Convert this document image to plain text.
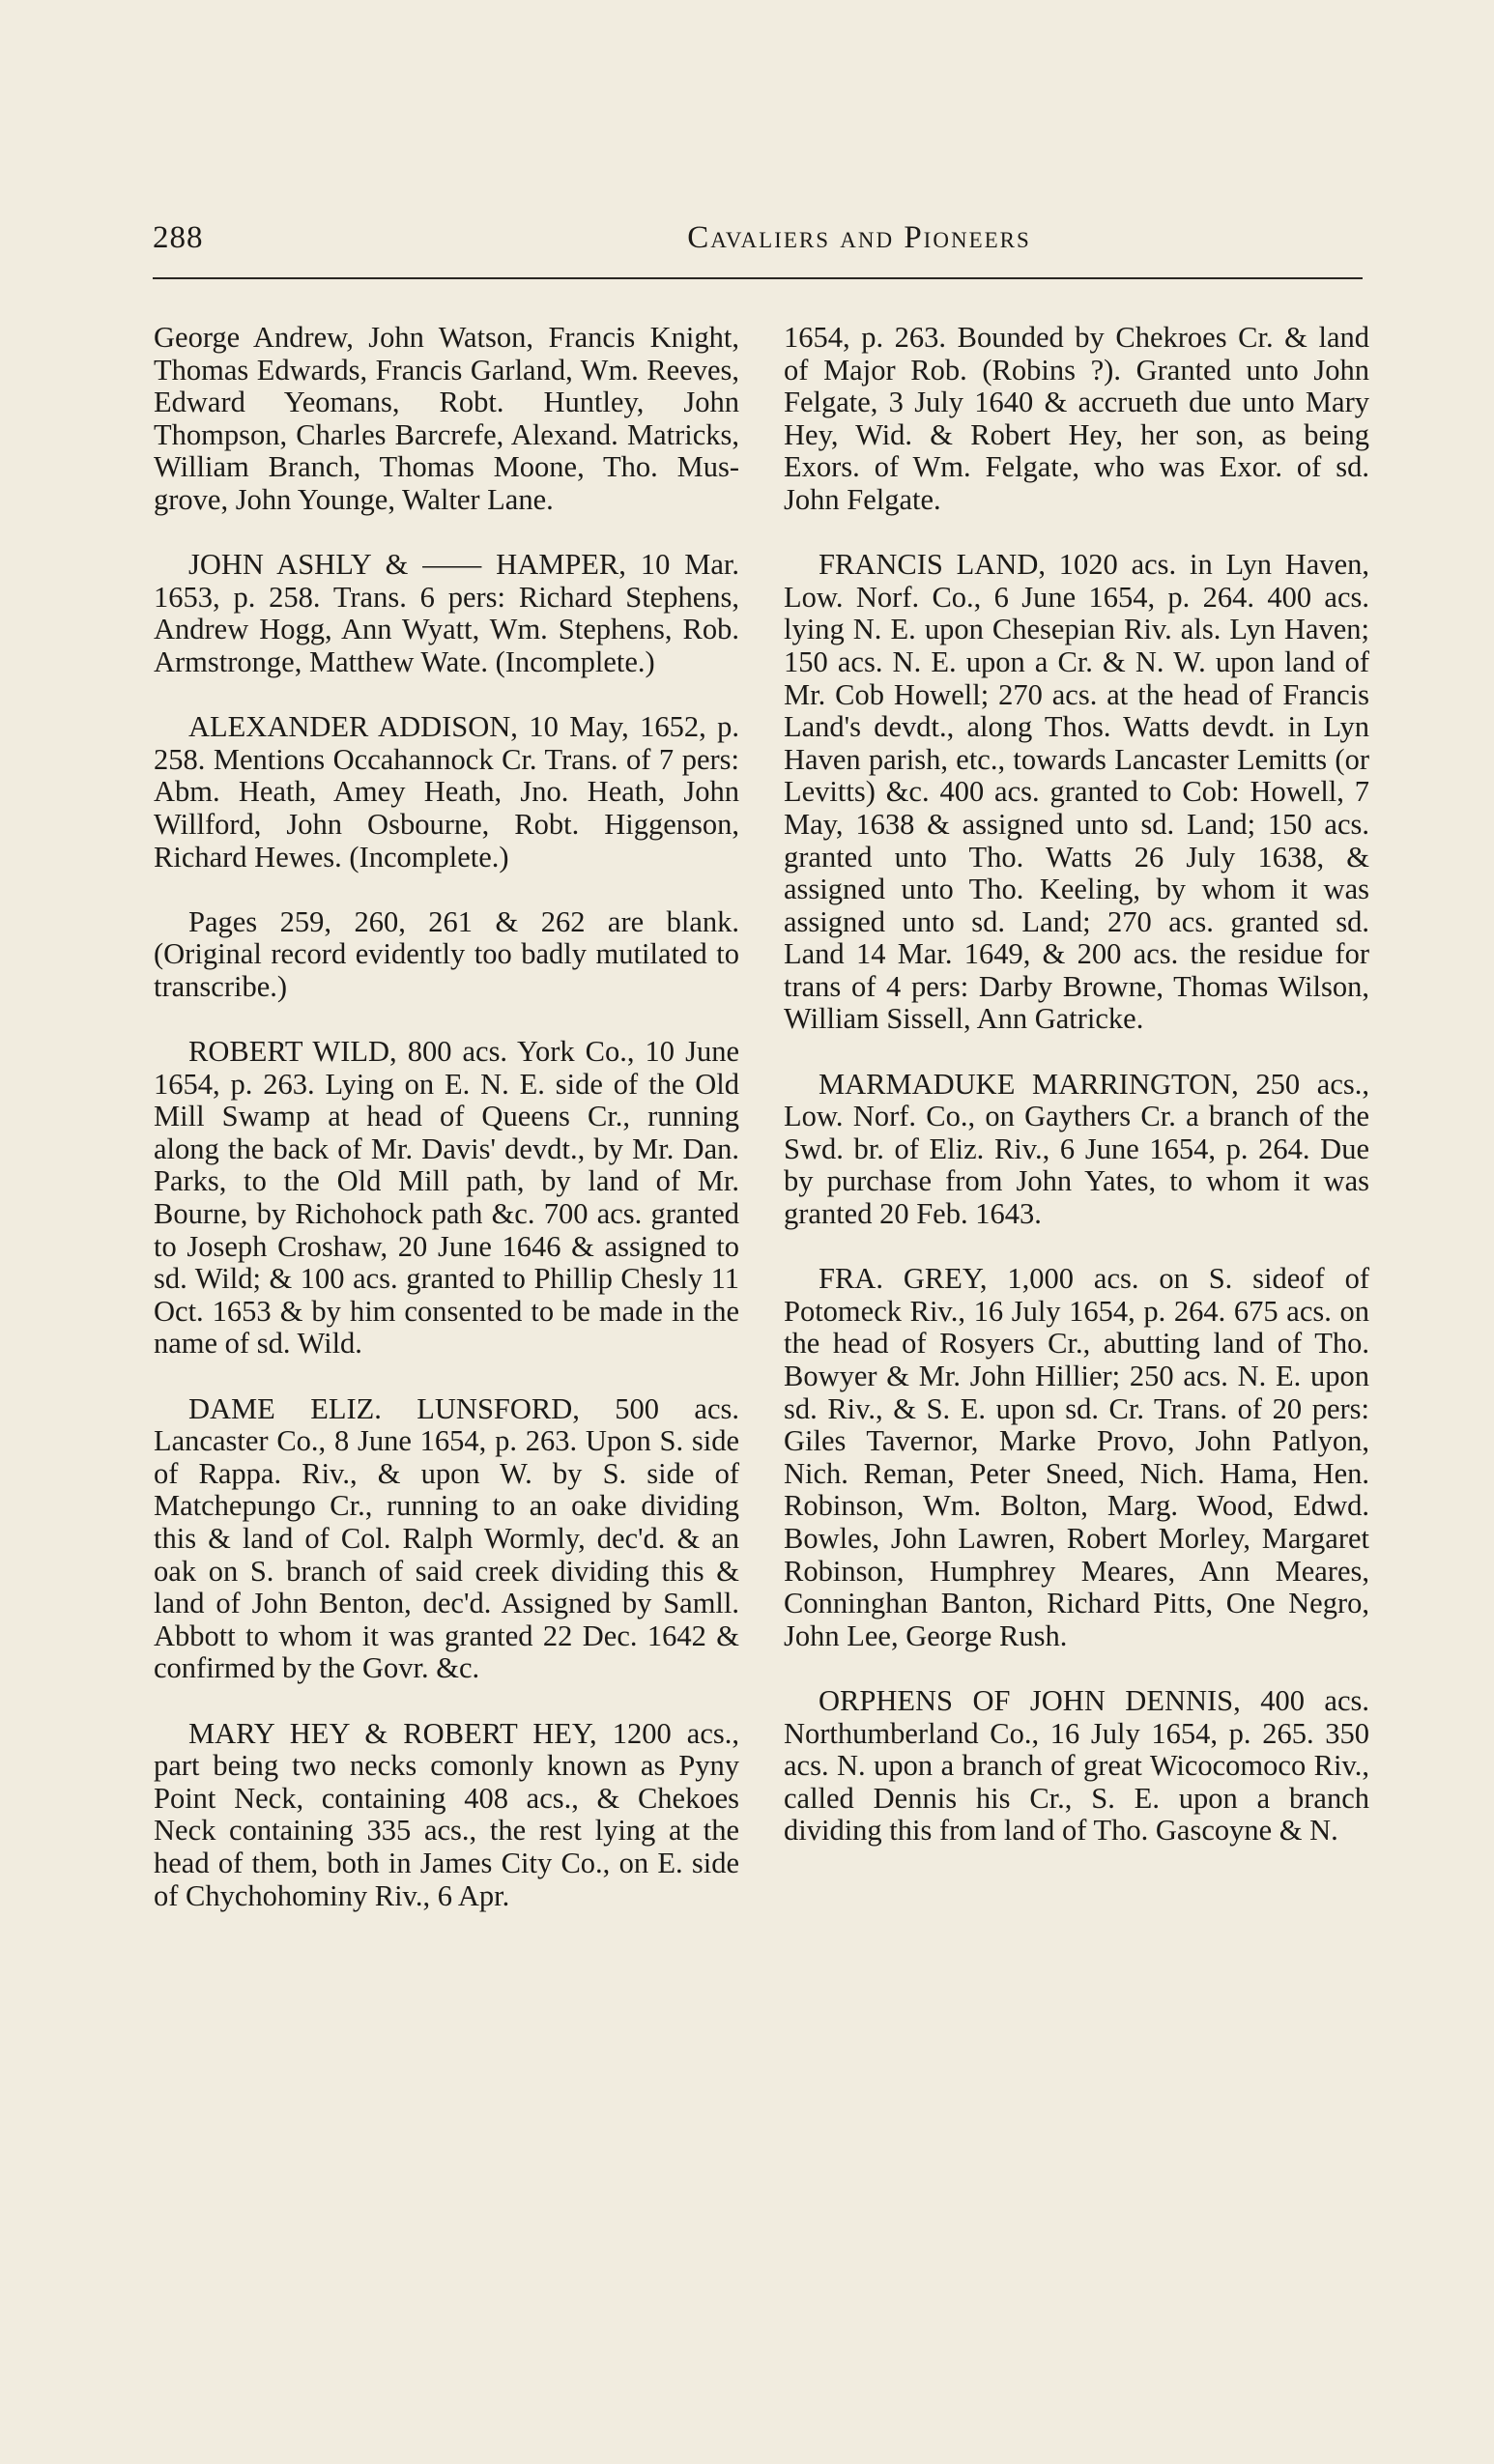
288	Cavaliers and Pioneers

George Andrew, John Watson, Francis Knight, Thomas Edwards, Francis Garland, Wm. Reeves, Edward Yeomans, Robt. Huntley, John Thompson, Charles Barcrefe, Alexand. Matricks, William Branch, Thomas Moone, Tho. Musgrove, John Younge, Walter Lane.

JOHN ASHLY & —— HAMPER, 10 Mar. 1653, p. 258. Trans. 6 pers: Richard Stephens, Andrew Hogg, Ann Wyatt, Wm. Stephens, Rob. Armstronge, Matthew Wate. (Incomplete.)

ALEXANDER ADDISON, 10 May, 1652, p. 258. Mentions Occahannock Cr. Trans. of 7 pers: Abm. Heath, Amey Heath, Jno. Heath, John Willford, John Osbourne, Robt. Higgenson, Richard Hewes. (Incomplete.)

Pages 259, 260, 261 & 262 are blank. (Original record evidently too badly mutilated to transcribe.)

ROBERT WILD, 800 acs. York Co., 10 June 1654, p. 263. Lying on E. N. E. side of the Old Mill Swamp at head of Queens Cr., running along the back of Mr. Davis' devdt., by Mr. Dan. Parks, to the Old Mill path, by land of Mr. Bourne, by Richohock path &c. 700 acs. granted to Joseph Croshaw, 20 June 1646 & assigned to sd. Wild; & 100 acs. granted to Phillip Chesly 11 Oct. 1653 & by him consented to be made in the name of sd. Wild.

DAME ELIZ. LUNSFORD, 500 acs. Lancaster Co., 8 June 1654, p. 263. Upon S. side of Rappa. Riv., & upon W. by S. side of Matchepungo Cr., running to an oake dividing this & land of Col. Ralph Wormly, dec'd. & an oak on S. branch of said creek dividing this & land of John Benton, dec'd. Assigned by Samll. Abbott to whom it was granted 22 Dec. 1642 & confirmed by the Govr. &c.

MARY HEY & ROBERT HEY, 1200 acs., part being two necks comonly known as Pyny Point Neck, containing 408 acs., & Chekoes Neck containing 335 acs., the rest lying at the head of them, both in James City Co., on E. side of Chychohominy Riv., 6 Apr.

1654, p. 263. Bounded by Chekroes Cr. & land of Major Rob. (Robins ?). Granted unto John Felgate, 3 July 1640 & accrueth due unto Mary Hey, Wid. & Robert Hey, her son, as being Exors. of Wm. Felgate, who was Exor. of sd. John Felgate.

FRANCIS LAND, 1020 acs. in Lyn Haven, Low. Norf. Co., 6 June 1654, p. 264. 400 acs. lying N. E. upon Chesepian Riv. als. Lyn Haven; 150 acs. N. E. upon a Cr. & N. W. upon land of Mr. Cob Howell; 270 acs. at the head of Francis Land's devdt., along Thos. Watts devdt. in Lyn Haven parish, etc., towards Lancaster Lemitts (or Levitts) &c. 400 acs. granted to Cob: Howell, 7 May, 1638 & assigned unto sd. Land; 150 acs. granted unto Tho. Watts 26 July 1638, & assigned unto Tho. Keeling, by whom it was assigned unto sd. Land; 270 acs. granted sd. Land 14 Mar. 1649, & 200 acs. the residue for trans of 4 pers: Darby Browne, Thomas Wilson, William Sissell, Ann Gatricke.

MARMADUKE MARRINGTON, 250 acs., Low. Norf. Co., on Gaythers Cr. a branch of the Swd. br. of Eliz. Riv., 6 June 1654, p. 264. Due by purchase from John Yates, to whom it was granted 20 Feb. 1643.

FRA. GREY, 1,000 acs. on S. sideof of Potomeck Riv., 16 July 1654, p. 264. 675 acs. on the head of Rosyers Cr., abutting land of Tho. Bowyer & Mr. John Hillier; 250 acs. N. E. upon sd. Riv., & S. E. upon sd. Cr. Trans. of 20 pers: Giles Tavernor, Marke Provo, John Patlyon, Nich. Reman, Peter Sneed, Nich. Hama, Hen. Robinson, Wm. Bolton, Marg. Wood, Edwd. Bowles, John Lawren, Robert Morley, Margaret Robinson, Humphrey Meares, Ann Meares, Conninghan Banton, Richard Pitts, One Negro, John Lee, George Rush.

ORPHENS OF JOHN DENNIS, 400 acs. Northumberland Co., 16 July 1654, p. 265. 350 acs. N. upon a branch of great Wicocomoco Riv., called Dennis his Cr., S. E. upon a branch dividing this from land of Tho. Gascoyne & N.
